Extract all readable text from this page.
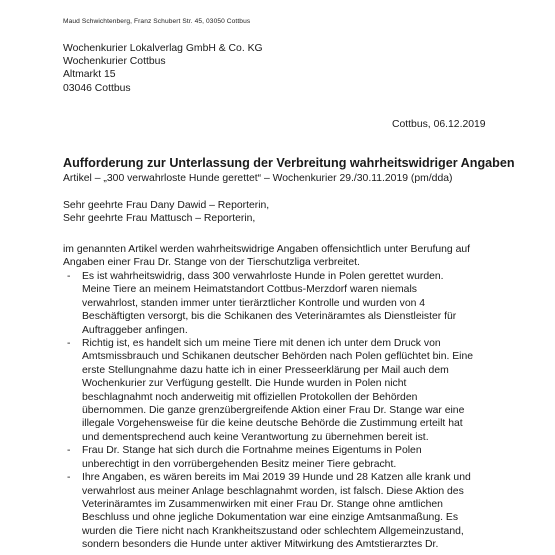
Maud Schwichtenberg, Franz Schubert Str. 45, 03050 Cottbus
Wochenkurier Lokalverlag GmbH & Co. KG
Wochenkurier Cottbus
Altmarkt 15
03046 Cottbus
Cottbus, 06.12.2019
Aufforderung zur Unterlassung der Verbreitung wahrheitswidriger Angaben
Artikel – „300 verwahrloste Hunde gerettet“ – Wochenkurier 29./30.11.2019 (pm/dda)
Sehr geehrte Frau Dany Dawid – Reporterin,
Sehr geehrte Frau Mattusch – Reporterin,
im genannten Artikel werden wahrheitswidrige Angaben offensichtlich unter Berufung auf
Angaben einer Frau Dr. Stange von der Tierschutzliga verbreitet.
- Es ist wahrheitswidrig, dass 300 verwahrloste Hunde in Polen gerettet wurden.
Meine Tiere an meinem Heimatstandort Cottbus-Merzdorf waren niemals
verwahrlost, standen immer unter tierärztlicher Kontrolle und wurden von 4
Beschäftigten versorgt, bis die Schikanen des Veterinäramtes als Dienstleister für
Auftraggeber anfingen.
- Richtig ist, es handelt sich um meine Tiere mit denen ich unter dem Druck von
Amtsmissbrauch und Schikanen deutscher Behörden nach Polen geflüchtet bin. Eine
erste Stellungnahme dazu hatte ich in einer Presseerklärung per Mail auch dem
Wochenkurier zur Verfügung gestellt. Die Hunde wurden in Polen nicht
beschlagnahmt noch anderweitig mit offiziellen Protokollen der Behörden
übernommen. Die ganze grenzübergreifende Aktion einer Frau Dr. Stange war eine
illegale Vorgehensweise für die keine deutsche Behörde die Zustimmung erteilt hat
und dementsprechend auch keine Verantwortung zu übernehmen bereit ist.
- Frau Dr. Stange hat sich durch die Fortnahme meines Eigentums in Polen
unberechtigt in den vorrübergehenden Besitz meiner Tiere gebracht.
- Ihre Angaben, es wären bereits im Mai 2019 39 Hunde und 28 Katzen alle krank und
verwahrlost aus meiner Anlage beschlagnahmt worden, ist falsch. Diese Aktion des
Veterinäramtes im Zusammenwirken mit einer Frau Dr. Stange ohne amtlichen
Beschluss und ohne jegliche Dokumentation war eine einzige Amtsanmaßung. Es
wurden die Tiere nicht nach Krankheitszustand oder schlechtem Allgemeinzustand,
sondern besonders die Hunde unter aktiver Mitwirkung des Amtstierarztes Dr.
